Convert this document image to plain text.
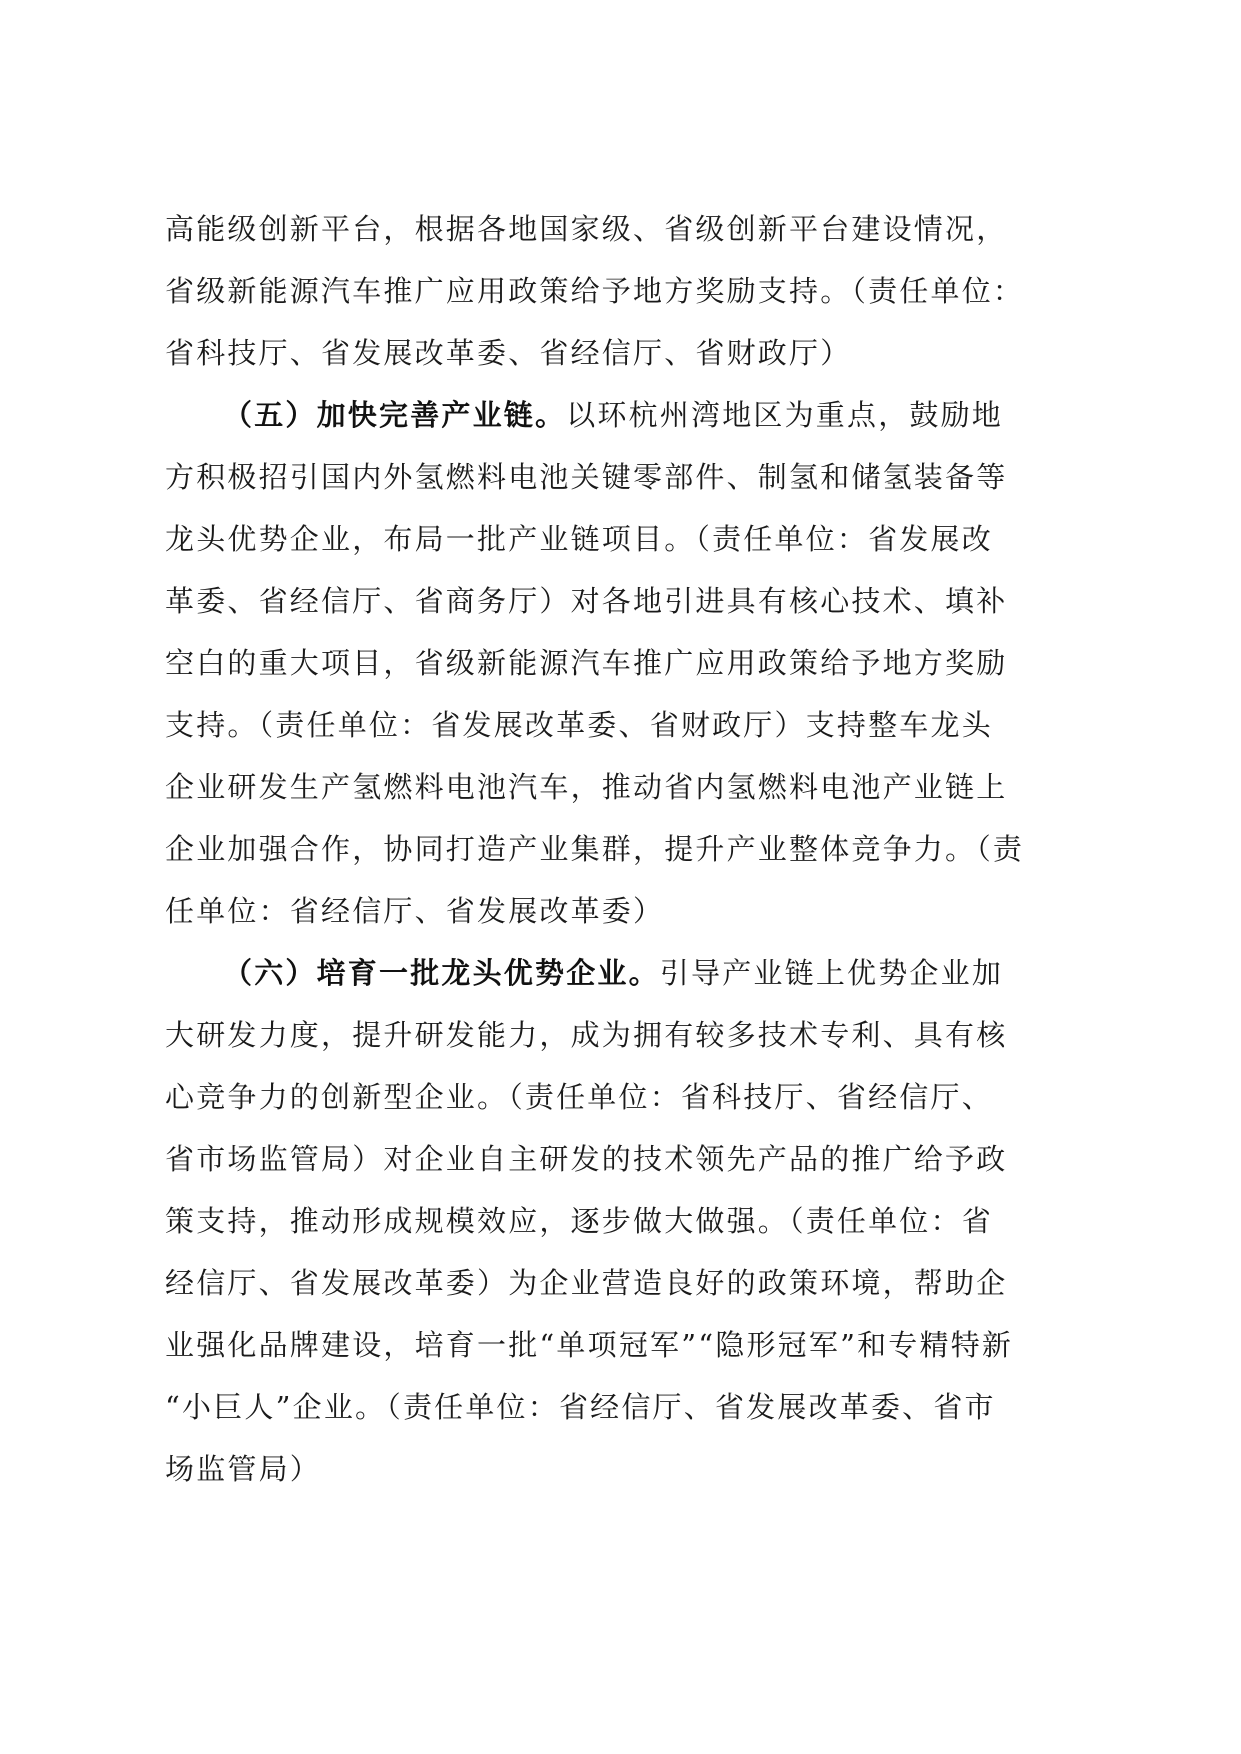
高能级创新平台，根据各地国家级、省级创新平台建设情况，
省级新能源汽车推广应用政策给予地方奖励支持。（责任单位：
省科技厅、省发展改革委、省经信厅、省财政厅）
（五）加快完善产业链。以环杭州湾地区为重点，鼓励地
方积极招引国内外氢燃料电池关键零部件、制氢和储氢装备等
龙头优势企业，布局一批产业链项目。（责任单位：省发展改
革委、省经信厅、省商务厅）对各地引进具有核心技术、填补
空白的重大项目，省级新能源汽车推广应用政策给予地方奖励
支持。（责任单位：省发展改革委、省财政厅）支持整车龙头
企业研发生产氢燃料电池汽车，推动省内氢燃料电池产业链上
企业加强合作，协同打造产业集群，提升产业整体竞争力。（责
任单位：省经信厅、省发展改革委）
（六）培育一批龙头优势企业。引导产业链上优势企业加
大研发力度，提升研发能力，成为拥有较多技术专利、具有核
心竞争力的创新型企业。（责任单位：省科技厅、省经信厅、
省市场监管局）对企业自主研发的技术领先产品的推广给予政
策支持，推动形成规模效应，逐步做大做强。（责任单位：省
经信厅、省发展改革委）为企业营造良好的政策环境，帮助企
业强化品牌建设，培育一批“单项冠军”“隐形冠军”和专精特新
“小巨人”企业。（责任单位：省经信厅、省发展改革委、省市
场监管局）
